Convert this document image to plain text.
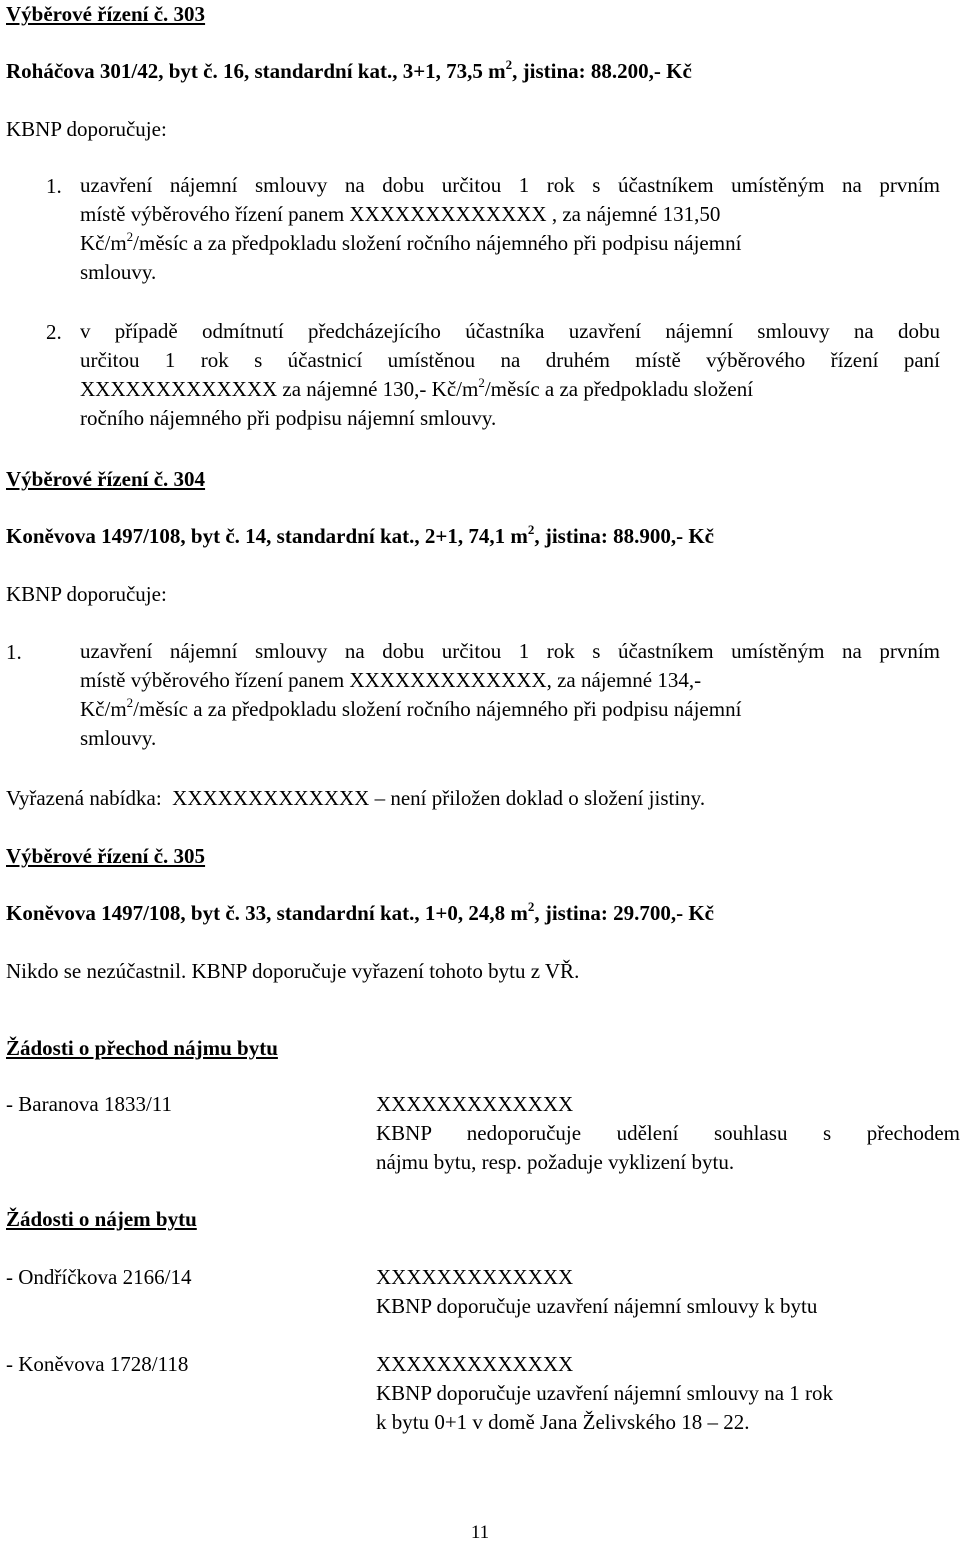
Výběrové řízení č. 303
Roháčova 301/42, byt č. 16, standardní kat., 3+1, 73,5 $m^2$, jistina: 88.200,- Kč
KBNP doporučuje:
1. uzavření nájemní smlouvy na dobu určitou 1 rok s účastníkem umístěným na prvním
místě výběrového řízení panem XXXXXXXXXXXXX , za nájemné 131,50
$Kč/m^2$/měsíc a za předpokladu složení ročního nájemného při podpisu nájemní
smlouvy.
2. v případě odmítnutí předcházejícího účastníka uzavření nájemní smlouvy na dobu
určitou 1 rok s účastnicí umístěnou na druhém místě výběrového řízení paní
XXXXXXXXXXXXX za nájemné 130,- $Kč/m^2$/měsíc a za předpokladu složení
ročního nájemného při podpisu nájemní smlouvy.
Výběrové řízení č. 304
Koněvova 1497/108, byt č. 14, standardní kat., 2+1, 74,1 $m^2$, jistina: 88.900,- Kč
KBNP doporučuje:
1.	uzavření nájemní smlouvy na dobu určitou 1 rok s účastníkem umístěným na prvním
místě výběrového řízení panem XXXXXXXXXXXXX, za nájemné 134,-
$Kč/m^2$/měsíc a za předpokladu složení ročního nájemného při podpisu nájemní
smlouvy.
Vyřazená nabídka:  XXXXXXXXXXXXX – není přiložen doklad o složení jistiny.
Výběrové řízení č. 305
Koněvova 1497/108, byt č. 33, standardní kat., 1+0, 24,8 $m^2$, jistina: 29.700,- Kč
Nikdo se nezúčastnil. KBNP doporučuje vyřazení tohoto bytu z VŘ.
Žádosti o přechod nájmu bytu
- Baranova 1833/11	XXXXXXXXXXXXX
KBNP nedoporučuje udělení souhlasu s přechodem
nájmu bytu, resp. požaduje vyklizení bytu.
Žádosti o nájem bytu
- Ondříčkova 2166/14	XXXXXXXXXXXXX
KBNP doporučuje uzavření nájemní smlouvy k bytu
- Koněvova 1728/118	XXXXXXXXXXXXX
KBNP doporučuje uzavření nájemní smlouvy na 1 rok
k bytu 0+1 v domě Jana Želivského 18 – 22.
11
